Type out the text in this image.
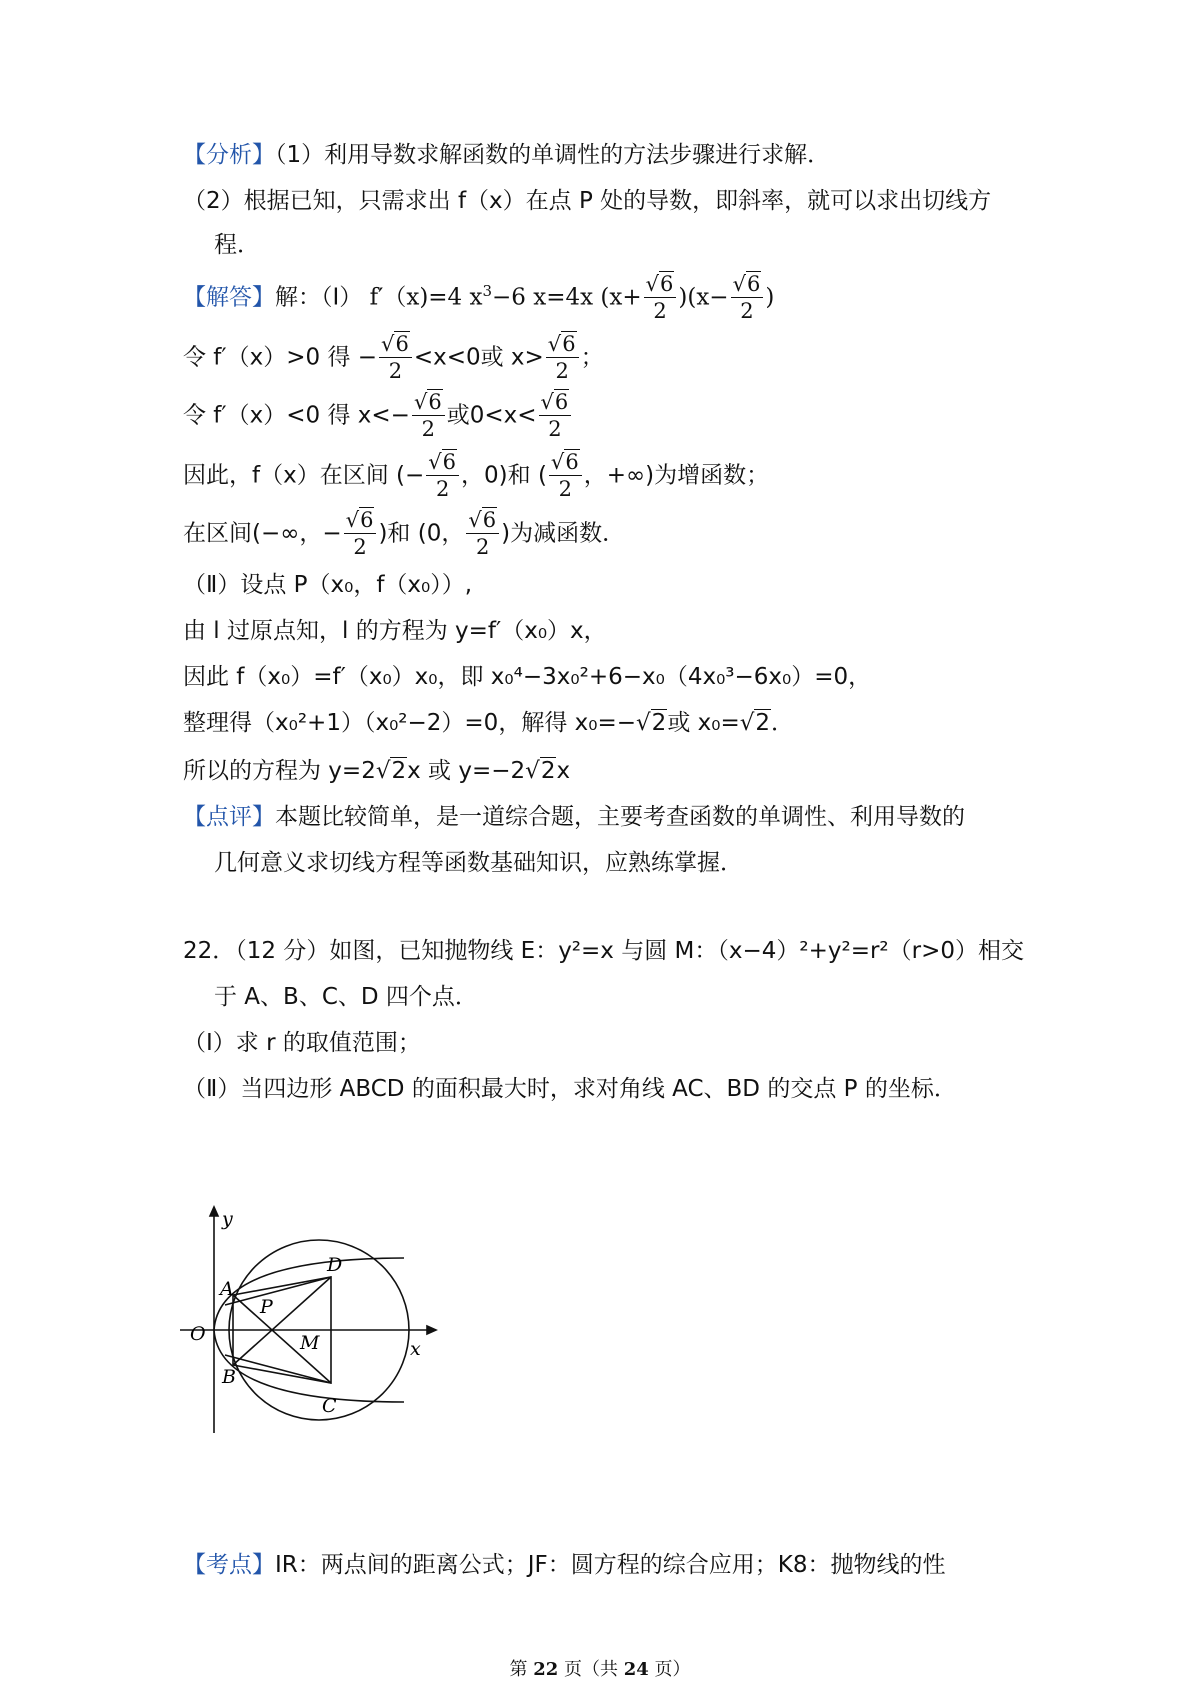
【分析】（1）利用导数求解函数的单调性的方法步骤进行求解．
（2）根据已知，只需求出 f（x）在点 P 处的导数，即斜率，就可以求出切线方
程．
【解答】解：（Ⅰ） f′（x)=4 $x^3-6$ x=4x $(x+ \frac{√6}{2} )(x- \frac{√6}{2}$ )
令 f′（x）>0 得 − $\frac{√6}{2} <x<0$或 $x> \frac{√6}{2}$ ；
令 f′（x）<0 得 $x<- \frac{√6}{2}$ 或$0<x< \frac{√6}{2}$
因此，f（x）在区间 (− $\frac{√6}{2}$ ，0)和 ( $\frac{√6}{2}$ ，+∞)为增函数；
在区间(−∞，− $\frac{√6}{2}$ )和 (0， $\frac{√6}{2}$ )为减函数．
（Ⅱ）设点 P（x₀，f（x₀））,
由 l 过原点知，l 的方程为 y=f′（x₀）x，
因此 f（x₀）=f′（x₀）x₀，即 x₀⁴−3x₀²+6−x₀（4x₀³−6x₀）=0，
整理得（x₀²+1）（x₀²−2）=0，解得 x₀=−√2或 x₀=√2．
所以的方程为 y=2√2x 或 y=−2√2x
【点评】本题比较简单，是一道综合题，主要考查函数的单调性、利用导数的
几何意义求切线方程等函数基础知识，应熟练掌握．
22．（12 分）如图，已知抛物线 E：y²=x 与圆 M：（x−4）²+y²=r²（r>0）相交
于 A、B、C、D 四个点．
（Ⅰ）求 r 的取值范围；
（Ⅱ）当四边形 ABCD 的面积最大时，求对角线 AC、BD 的交点 P 的坐标．
y
x
O
A
B
C
D
P
M
【考点】IR：两点间的距离公式；JF：圆方程的综合应用；K8：抛物线的性
第 22 页（共 24 页）
